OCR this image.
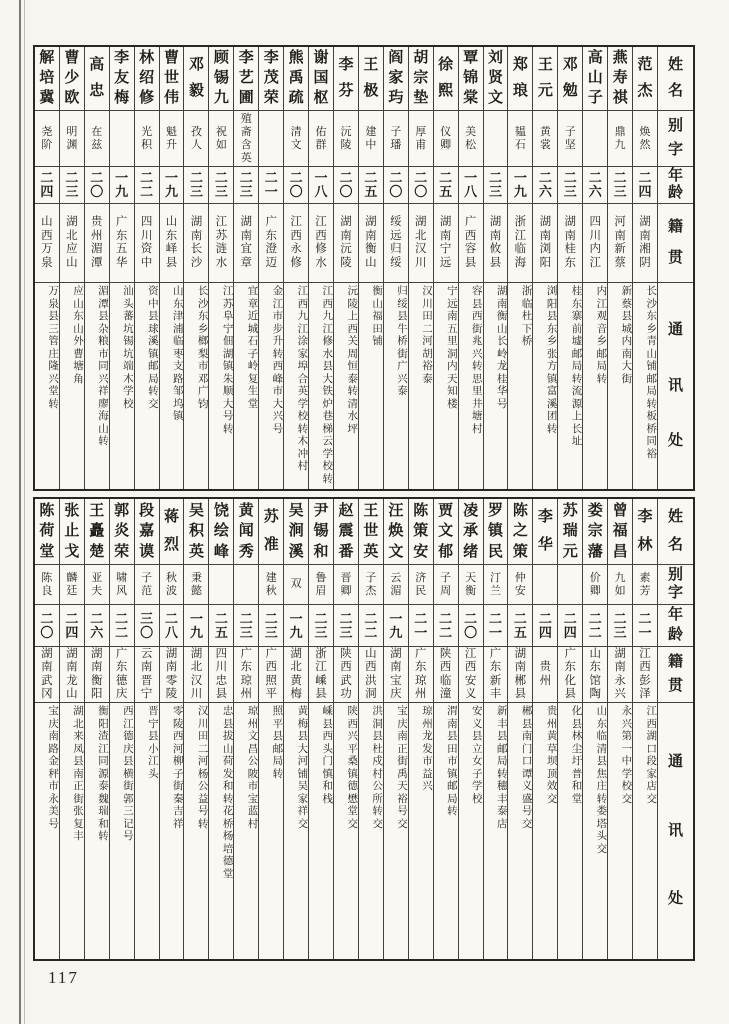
姓
名
别
字
年
龄
籍
贯
通
讯
处
范
杰
焕
然
二
四
湖
南
湘
阴
长
沙
东
乡
青
山
铺
邮
局
转
板
桥
同
裕
燕
寿
祺
鼎
九
二
三
河
南
新
蔡
新
蔡
县
城
内
南
大
街
高
山
子
二
六
四
川
内
江
内
江
观
音
乡
邮
局
转
邓
勉
子
坚
二
三
湖
南
桂
东
桂
东
寨
前
墟
邮
局
转
流
源
上
长
址
王
元
黄
裳
二
六
湖
南
浏
阳
浏
阳
县
东
乡
张
方
镇
富
溪
团
转
郑
琅
韫
石
一
九
浙
江
临
海
浙
临
杜
下
桥
刘
贤
文
二
三
湖
南
攸
县
湖
南
衡
山
长
岭
龙
桂
华
号
覃
锦
棠
美
松
一
八
广
西
容
县
容
县
西
街
兆
兴
转
思
里
井
塘
村
徐
熙
仪
卿
二
五
湖
南
宁
远
宁
远
南
五
里
洞
内
天
知
楼
胡
宗
垫
厚
甫
二
〇
湖
北
汉
川
汉
川
田
二
河
胡
裕
泰
阎
家
玙
子
璠
二
〇
绥
远
归
绥
归
绥
县
牛
桥
街
广
兴
泰
王
极
建
中
二
五
湖
南
衡
山
衡
山
福
田
铺
李
芬
沅
陵
二
〇
湖
南
沅
陵
沅
陵
上
西
关
周
恒
泰
转
清
水
坪
谢
国
枢
佑
群
一
八
江
西
修
水
江
西
九
江
修
水
县
大
铁
炉
巷
梯
云
学
校
转
熊
禹
疏
清
文
二
〇
江
西
永
修
江
西
九
江
涂
家
埠
合
英
学
校
转
木
冲
村
李
茂
荣
二
一
广
东
澄
迈
金
江
市
步
升
转
西
峰
市
大
兴
号
李
艺
圃
殖
斋
含
英
二
三
湖
南
宜
章
宜
章
近
城
石
子
岭
复
生
堂
顾
锡
九
祝
如
二
三
江
苏
涟
水
江
苏
阜
宁
佃
湖
镇
朱
顺
大
号
转
邓
毅
孜
人
二
三
湖
南
长
沙
长
沙
东
乡
榔
梨
市
邓
广
钧
曹
世
伟
魁
升
一
九
山
东
峄
县
山
东
津
浦
临
枣
支
路
邹
坞
镇
林
绍
修
光
积
二
二
四
川
资
中
资
中
县
球
溪
镇
邮
局
转
交
李
友
梅
一
九
广
东
五
华
汕
头
蕃
坑
锡
坑
端
木
学
校
高
忠
在
兹
二
〇
贵
州
湄
潭
湄
潭
县
杂
粮
市
同
兴
祥
廖
海
山
转
曹
少
欧
明
渊
二
三
湖
北
应
山
应
山
东
山
外
曹
塘
角
解
培
冀
尧
阶
二
四
山
西
万
泉
万
泉
县
三
管
庄
隆
兴
堂
转
姓
名
别
字
年
龄
籍
贯
通
讯
处
李
林
素
芳
二
一
江
西
彭
泽
江
西
湖
口
段
家
店
交
曾
福
昌
九
如
二
三
湖
南
永
兴
永
兴
第
一
中
学
校
交
娄
宗
藩
价
卿
二
二
山
东
馆
陶
山
东
临
清
县
焦
庄
转
娄
塔
头
交
苏
瑞
元
二
四
广
东
化
县
化
县
林
尘
圩
普
和
堂
李
华
二
四
贵
州
贵
州
黄
草
坝
顶
效
交
陈
之
策
仲
安
二
五
湖
南
郴
县
郴
县
南
门
口
谭
义
盛
号
交
罗
镇
民
汀
兰
二
一
广
东
新
丰
新
丰
县
邮
局
转
穗
丰
泰
店
凌
承
绪
天
衡
二
〇
江
西
安
义
安
义
县
立
女
子
学
校
贾
文
郁
子
周
二
二
陕
西
临
潼
渭
南
县
田
市
镇
邮
局
转
陈
策
安
济
民
二
一
广
东
琼
州
琼
州
龙
发
市
益
兴
汪
焕
文
云
湄
一
九
湖
南
宝
庆
宝
庆
南
正
街
禹
天
裕
号
交
王
世
英
子
杰
二
二
山
西
洪
洞
洪
洞
县
杜
戍
村
公
所
转
交
赵
震
番
晋
卿
二
三
陕
西
武
功
陕
西
兴
平
桑
镇
德
懋
堂
交
尹
锡
和
鲁
眉
二
三
浙
江
嵊
县
嵊
县
西
头
门
慎
和
栈
吴
涧
溪
双
一
九
湖
北
黄
梅
黄
梅
县
大
河
铺
吴
家
祥
交
苏
准
建
秋
二
三
广
西
照
平
照
平
县
邮
局
转
黄
闻
秀
二
三
广
东
琼
州
琼
州
文
昌
公
陂
市
宝
蓝
村
饶
绘
峰
二
五
四
川
忠
县
忠
县
拔
山
荷
发
和
转
花
桥
杨
培
德
堂
吴
积
英
秉
懿
一
九
湖
北
汉
川
汉
川
田
二
河
杨
公
益
号
转
蒋
烈
秋
波
二
八
湖
南
零
陵
零
陵
西
河
柳
子
街
秦
吉
祥
段
嘉
谟
子
范
三
〇
云
南
晋
宁
晋
宁
县
小
江
头
郭
炎
荣
啸
风
二
二
广
东
德
庆
西
江
德
庆
县
横
街
郭
三
记
号
王
矗
楚
亚
夫
二
六
湖
南
衡
阳
衡
阳
渣
江
同
源
泰
魏
瑞
和
转
张
止
戈
麟
廷
二
四
湖
南
龙
山
湖
北
来
凤
县
南
正
街
张
复
丰
陈
荷
堂
陈
良
二
〇
湖
南
武
冈
宝
庆
南
路
金
秤
市
永
美
号
117
